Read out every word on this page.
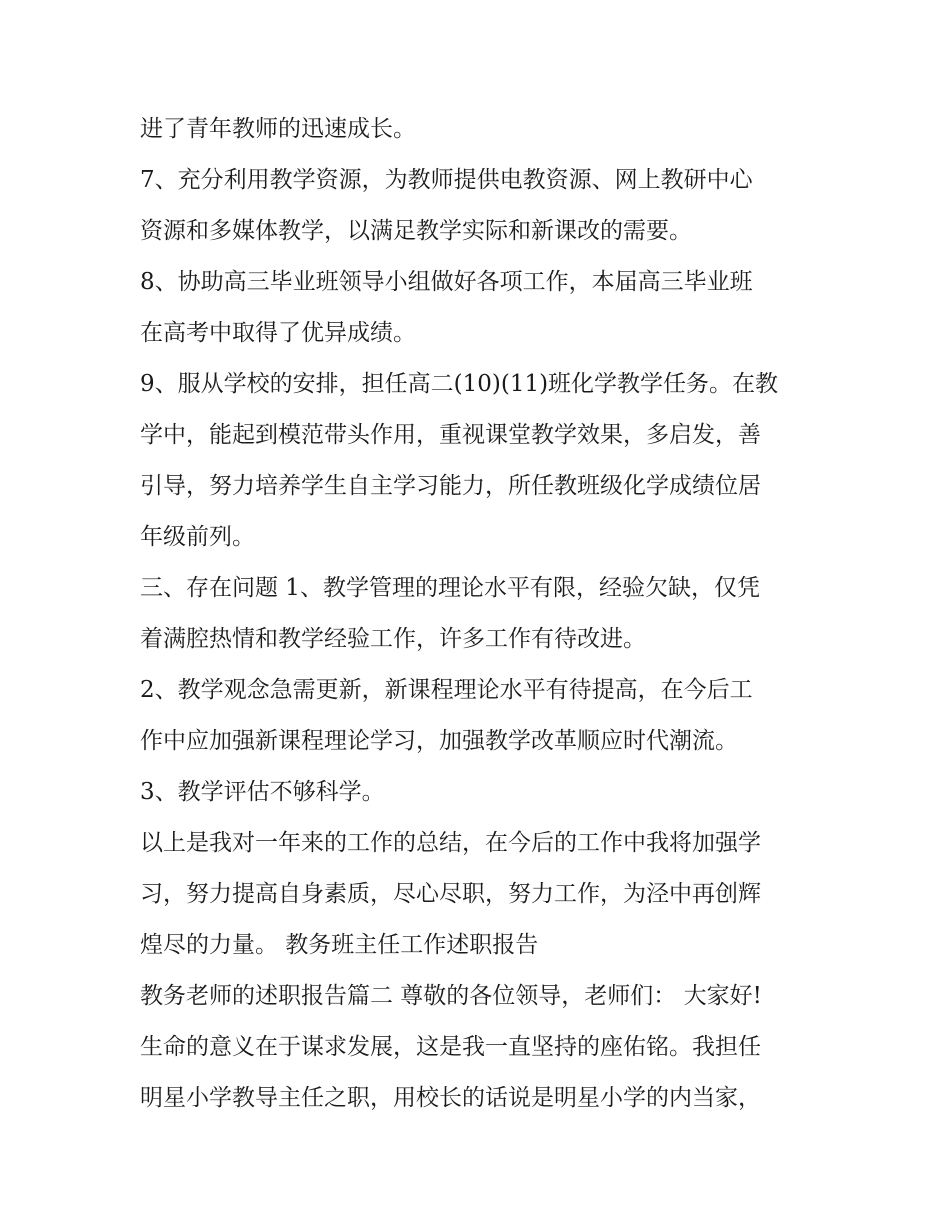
进了青年教师的迅速成长。
7、充分利用教学资源，为教师提供电教资源、网上教研中心
资源和多媒体教学，以满足教学实际和新课改的需要。
8、协助高三毕业班领导小组做好各项工作，本届高三毕业班
在高考中取得了优异成绩。
9、服从学校的安排，担任高二(10)(11)班化学教学任务。在教
学中，能起到模范带头作用，重视课堂教学效果，多启发，善
引导，努力培养学生自主学习能力，所任教班级化学成绩位居
年级前列。
三、存在问题 1、教学管理的理论水平有限，经验欠缺，仅凭
着满腔热情和教学经验工作，许多工作有待改进。
2、教学观念急需更新，新课程理论水平有待提高，在今后工
作中应加强新课程理论学习，加强教学改革顺应时代潮流。
3、教学评估不够科学。
以上是我对一年来的工作的总结，在今后的工作中我将加强学
习，努力提高自身素质，尽心尽职，努力工作，为泾中再创辉
煌尽的力量。 教务班主任工作述职报告
教务老师的述职报告篇二 尊敬的各位领导，老师们： 大家好!
生命的意义在于谋求发展，这是我一直坚持的座佑铭。我担任
明星小学教导主任之职，用校长的话说是明星小学的内当家，
